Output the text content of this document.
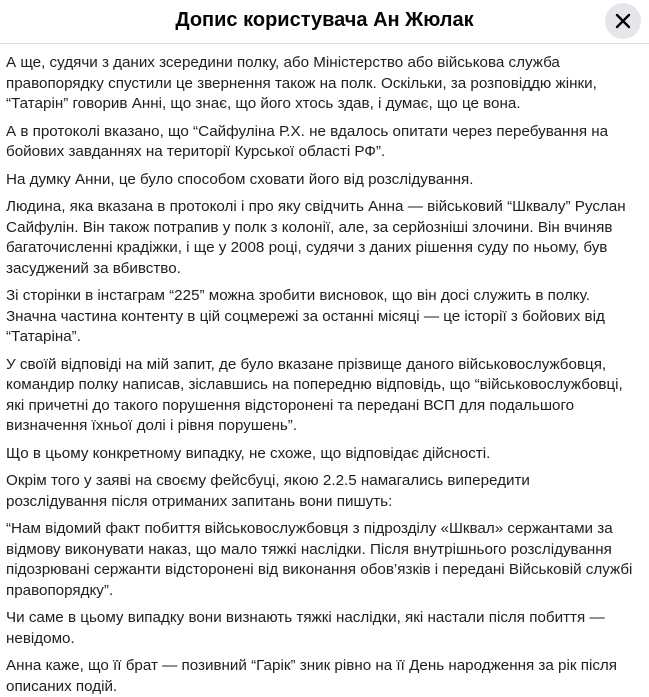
Допис користувача Ан Жюлак

А ще, судячи з даних зсередини полку, або Міністерство або військова служба правопорядку спустили це звернення також на полк. Оскільки, за розповіддю жінки, “Татарін” говорив Анні, що знає, що його хтось здав, і думає, що це вона.

А в протоколі вказано, що “Сайфуліна Р.Х. не вдалось опитати через перебування на бойових завданнях на території Курської області РФ”.

На думку Анни, це було способом сховати його від розслідування.

Людина, яка вказана в протоколі і про яку свідчить Анна — військовий “Шквалу” Руслан Сайфулін. Він також потрапив у полк з колонії, але, за серйозніші злочини. Він вчиняв багаточисленні крадіжки, і ще у 2008 році, судячи з даних рішення суду по ньому, був засуджений за вбивство.

Зі сторінки в інстаграм “225” можна зробити висновок, що він досі служить в полку. Значна частина контенту в цій соцмережі за останні місяці — це історії з бойових від “Татаріна”.

У своїй відповіді на мій запит, де було вказане прізвище даного військовослужбовця, командир полку написав, зіславшись на попередню відповідь, що “військовослужбовці, які причетні до такого порушення відсторонені та передані ВСП для подальшого визначення їхньої долі і рівня порушень”.

Що в цьому конкретному випадку, не схоже, що відповідає дійсності.

Окрім того у заяві на своєму фейсбуці, якою 2.2.5 намагались випередити розслідування після отриманих запитань вони пишуть:

“Нам відомий факт побиття військовослужбовця з підрозділу «Шквал» сержантами за відмову виконувати наказ, що мало тяжкі наслідки. Після внутрішнього розслідування підозрювані сержанти відсторонені від виконання обов’язків і передані Військовій службі правопорядку”.

Чи саме в цьому випадку вони визнають тяжкі наслідки, які настали після побиття — невідомо.

Анна каже, що її брат — позивний “Гарік” зник рівно на її День народження за рік після описаних подій.
